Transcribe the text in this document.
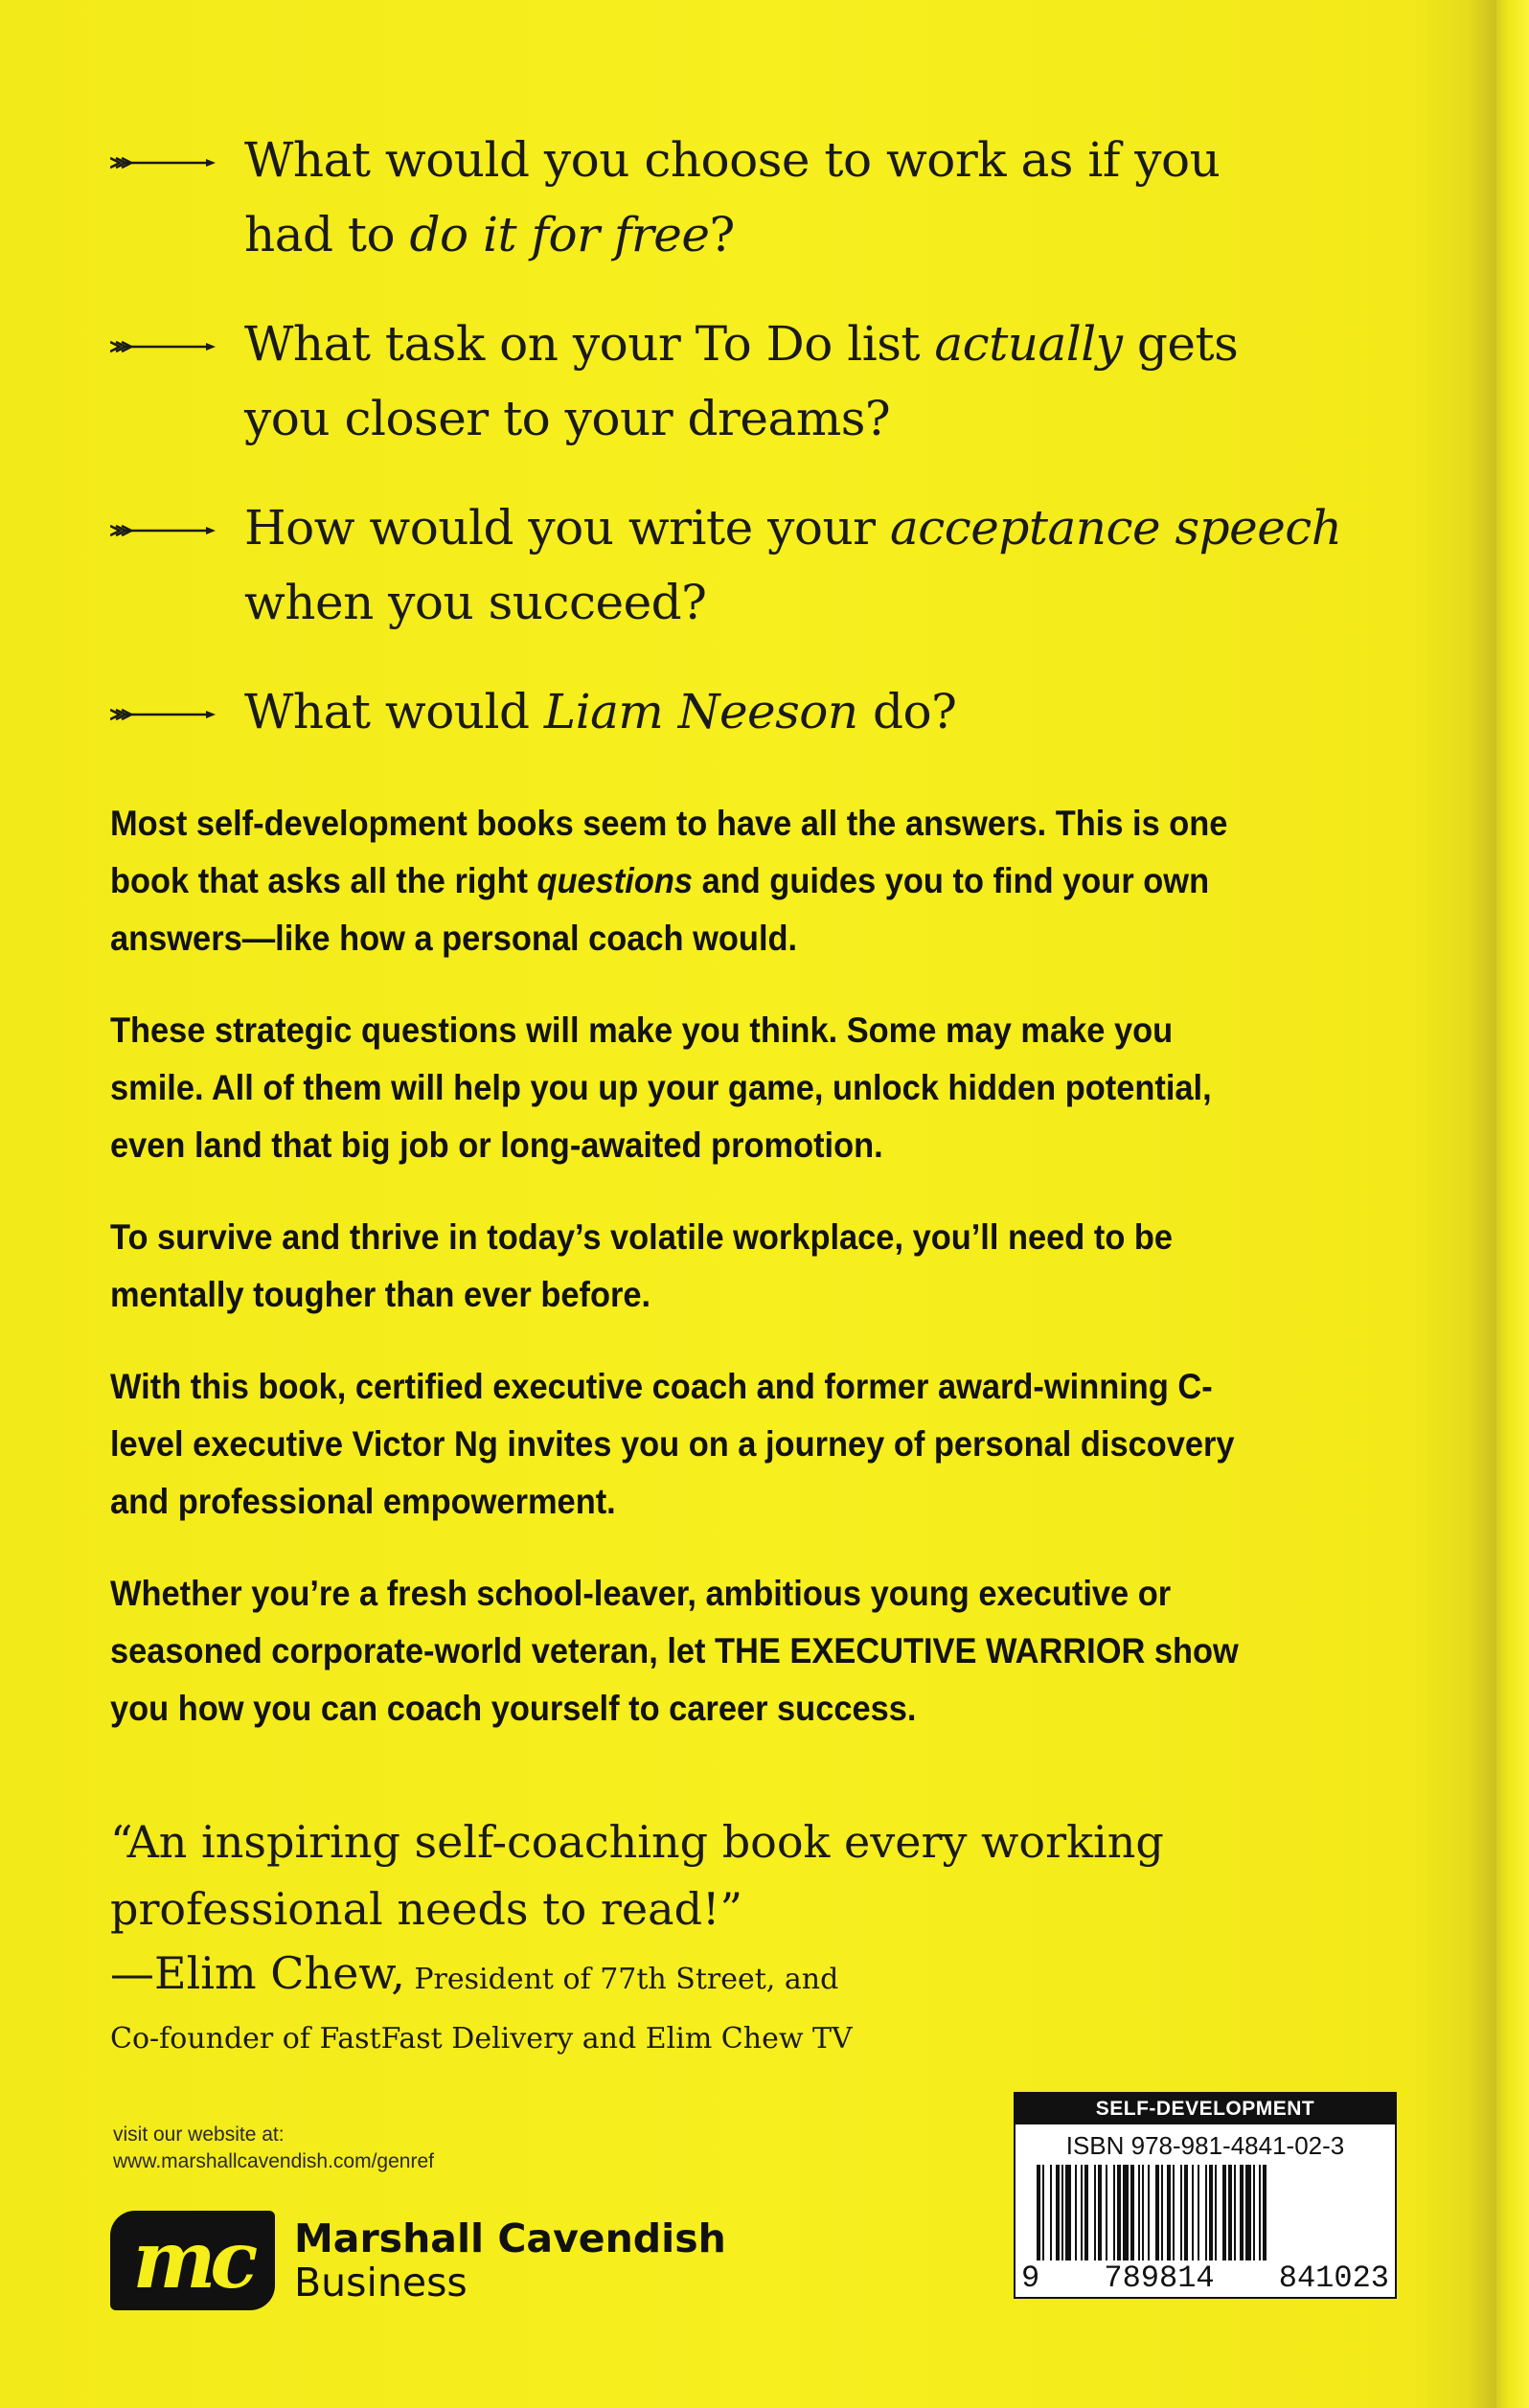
What would you choose to work as if you
had to do it for free?
What task on your To Do list actually gets
you closer to your dreams?
How would you write your acceptance speech
when you succeed?
What would Liam Neeson do?

Most self-development books seem to have all the answers. This is one book that asks all the right questions and guides you to find your own answers—like how a personal coach would.

These strategic questions will make you think. Some may make you smile. All of them will help you up your game, unlock hidden potential, even land that big job or long-awaited promotion.

To survive and thrive in today’s volatile workplace, you’ll need to be mentally tougher than ever before.

With this book, certified executive coach and former award-winning C-level executive Victor Ng invites you on a journey of personal discovery and professional empowerment.

Whether you’re a fresh school-leaver, ambitious young executive or seasoned corporate-world veteran, let THE EXECUTIVE WARRIOR show you how you can coach yourself to career success.

“An inspiring self-coaching book every working professional needs to read!”

—Elim Chew, President of 77th Street, and

Co-founder of FastFast Delivery and Elim Chew TV

visit our website at:
www.marshallcavendish.com/genref
mc	Marshall Cavendish
Business
SELF-DEVELOPMENT
ISBN 978-981-4841-02-3
9 789814 841023
